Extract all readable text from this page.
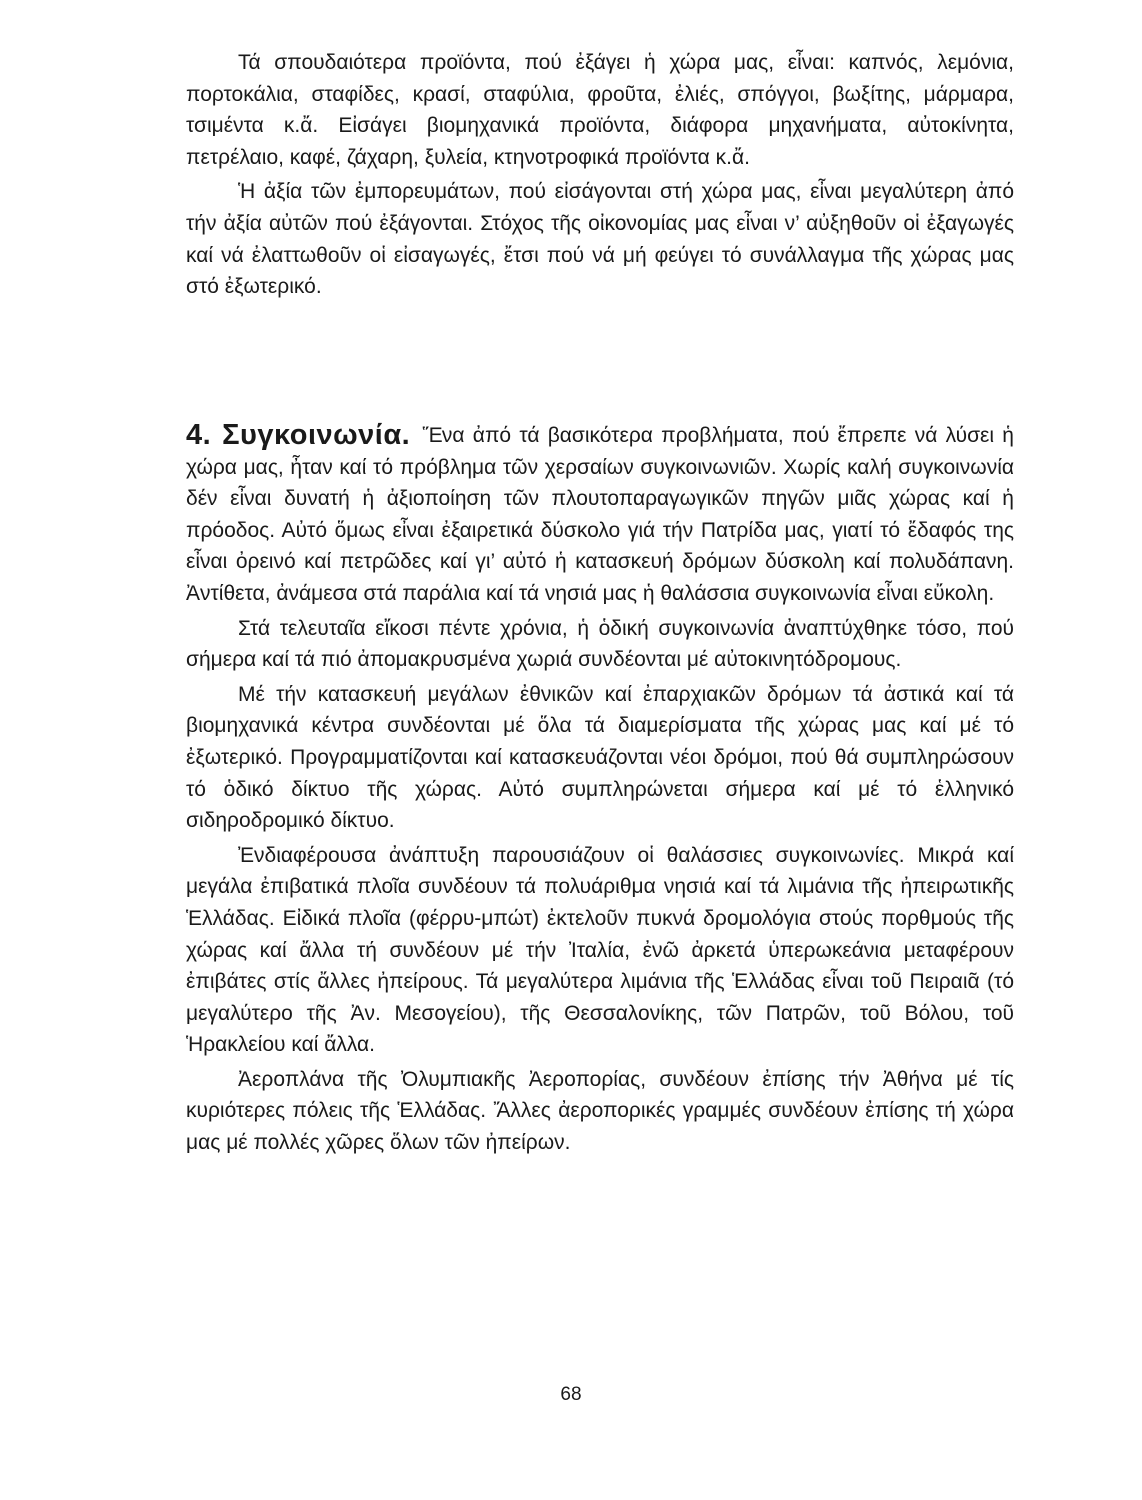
Τά σπουδαιότερα προϊόντα, πού ἐξάγει ἡ χώρα μας, εἶναι: καπνός, λεμόνια, πορτοκάλια, σταφίδες, κρασί, σταφύλια, φροῦτα, ἐλιές, σπόγγοι, βωξίτης, μάρμαρα, τσιμέντα κ.ἄ. Εἰσάγει βιομηχανικά προϊόντα, διάφορα μηχανήματα, αὐτοκίνητα, πετρέλαιο, καφέ, ζάχαρη, ξυλεία, κτηνοτροφικά προϊόντα κ.ἄ.

Ἡ ἀξία τῶν ἐμπορευμάτων, πού εἰσάγονται στή χώρα μας, εἶναι μεγαλύτερη ἀπό τήν ἀξία αὐτῶν πού ἐξάγονται. Στόχος τῆς οἰκονομίας μας εἶναι ν’ αὐξηθοῦν οἱ ἐξαγωγές καί νά ἐλαττωθοῦν οἱ εἰσαγωγές, ἔτσι πού νά μή φεύγει τό συνάλλαγμα τῆς χώρας μας στό ἐξωτερικό.

4. Συγκοινωνία. Ἕνα ἀπό τά βασικότερα προβλήματα, πού ἔπρεπε νά λύσει ἡ χώρα μας, ἦταν καί τό πρόβλημα τῶν χερσαίων συγκοινωνιῶν. Χωρίς καλή συγκοινωνία δέν εἶναι δυνατή ἡ ἀξιοποίηση τῶν πλουτοπαραγωγικῶν πηγῶν μιᾶς χώρας καί ἡ πρόοδος. Αὐτό ὅμως εἶναι ἐξαιρετικά δύσκολο γιά τήν Πατρίδα μας, γιατί τό ἔδαφός της εἶναι ὀρεινό καί πετρῶδες καί γι’ αὐτό ἡ κατασκευή δρόμων δύσκολη καί πολυδάπανη. Ἀντίθετα, ἀνάμεσα στά παράλια καί τά νησιά μας ἡ θαλάσσια συγκοινωνία εἶναι εὔκολη.

Στά τελευταῖα εἴκοσι πέντε χρόνια, ἡ ὁδική συγκοινωνία ἀναπτύχθηκε τόσο, πού σήμερα καί τά πιό ἀπομακρυσμένα χωριά συνδέονται μέ αὐτοκινητόδρομους.

Μέ τήν κατασκευή μεγάλων ἐθνικῶν καί ἐπαρχιακῶν δρόμων τά ἀστικά καί τά βιομηχανικά κέντρα συνδέονται μέ ὅλα τά διαμερίσματα τῆς χώρας μας καί μέ τό ἐξωτερικό. Προγραμματίζονται καί κατασκευάζονται νέοι δρόμοι, πού θά συμπληρώσουν τό ὁδικό δίκτυο τῆς χώρας. Αὐτό συμπληρώνεται σήμερα καί μέ τό ἑλληνικό σιδηροδρομικό δίκτυο.

Ἐνδιαφέρουσα ἀνάπτυξη παρουσιάζουν οἱ θαλάσσιες συγκοινωνίες. Μικρά καί μεγάλα ἐπιβατικά πλοῖα συνδέουν τά πολυάριθμα νησιά καί τά λιμάνια τῆς ἠπειρωτικῆς Ἑλλάδας. Εἰδικά πλοῖα (φέρρυ-μπώτ) ἐκτελοῦν πυκνά δρομολόγια στούς πορθμούς τῆς χώρας καί ἄλλα τή συνδέουν μέ τήν Ἰταλία, ἐνῶ ἀρκετά ὑπερωκεάνια μεταφέρουν ἐπιβάτες στίς ἄλλες ἠπείρους. Τά μεγαλύτερα λιμάνια τῆς Ἑλλάδας εἶναι τοῦ Πειραιᾶ (τό μεγαλύτερο τῆς Ἀν. Μεσογείου), τῆς Θεσσαλονίκης, τῶν Πατρῶν, τοῦ Βόλου, τοῦ Ἡρακλείου καί ἄλλα.

Ἀεροπλάνα τῆς Ὀλυμπιακῆς Ἀεροπορίας, συνδέουν ἐπίσης τήν Ἀθήνα μέ τίς κυριότερες πόλεις τῆς Ἑλλάδας. Ἄλλες ἀεροπορικές γραμμές συνδέουν ἐπίσης τή χώρα μας μέ πολλές χῶρες ὅλων τῶν ἠπείρων.

68
